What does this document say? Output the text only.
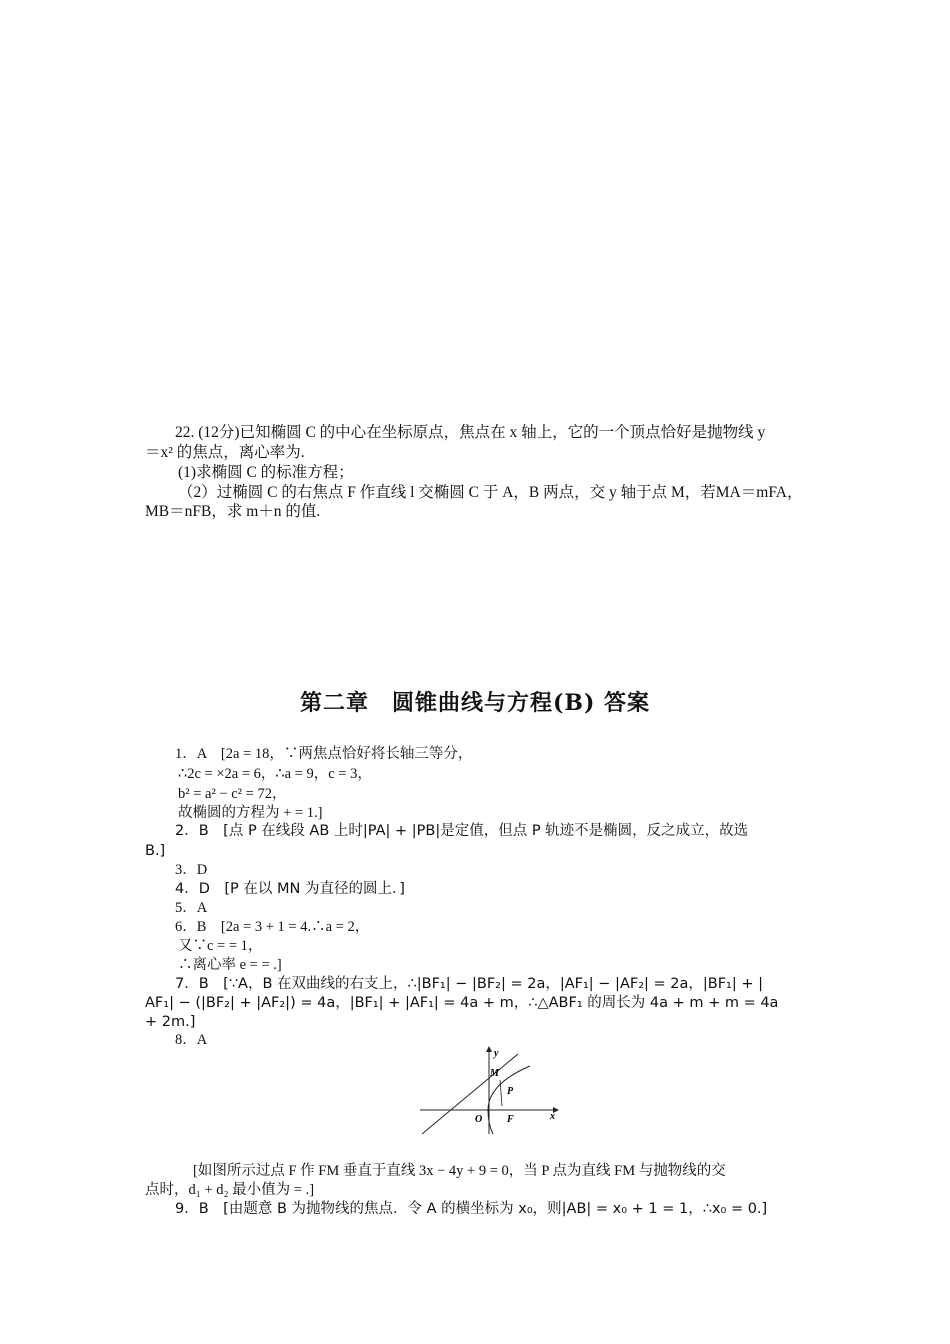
22. (12分)已知椭圆 C 的中心在坐标原点，焦点在 x 轴上，它的一个顶点恰好是抛物线 y
＝x² 的焦点，离心率为.
(1)求椭圆 C 的标准方程；
（2）过椭圆 C 的右焦点 F 作直线 l 交椭圆 C 于 A，B 两点，交 y 轴于点 M，若MA＝mFA，
MB＝nFB，求 m＋n 的值.
第二章　圆锥曲线与方程(B) 答案
1．A　[2a = 18，∵两焦点恰好将长轴三等分，
∴2c = ×2a = 6，∴a = 9，c = 3，
b² = a² − c² = 72，
故椭圆的方程为 + = 1.]
2．B　[点 P 在线段 AB 上时|PA| + |PB|是定值，但点 P 轨迹不是椭圆，反之成立，故选
B.]
3．D
4．D　[P 在以 MN 为直径的圆上．]
5．A
6．B　[2a = 3 + 1 = 4.∴a = 2，
又∵c = = 1，
∴离心率 e = = .]
7．B　[∵A，B 在双曲线的右支上，∴|BF₁| − |BF₂| = 2a，|AF₁| − |AF₂| = 2a，|BF₁| + |
AF₁| − (|BF₂| + |AF₂|) = 4a，|BF₁| + |AF₁| = 4a + m，∴△ABF₁ 的周长为 4a + m + m = 4a
+ 2m.]
8．A
y
x
M
P
O F
[如图所示过点 F 作 FM 垂直于直线 3x − 4y + 9 = 0，当 P 点为直线 FM 与抛物线的交
点时，d₁ + d₂ 最小值为 = .]
9．B　[由题意 B 为抛物线的焦点．令 A 的横坐标为 x₀，则|AB| = x₀ + 1 = 1，∴x₀ = 0.]
